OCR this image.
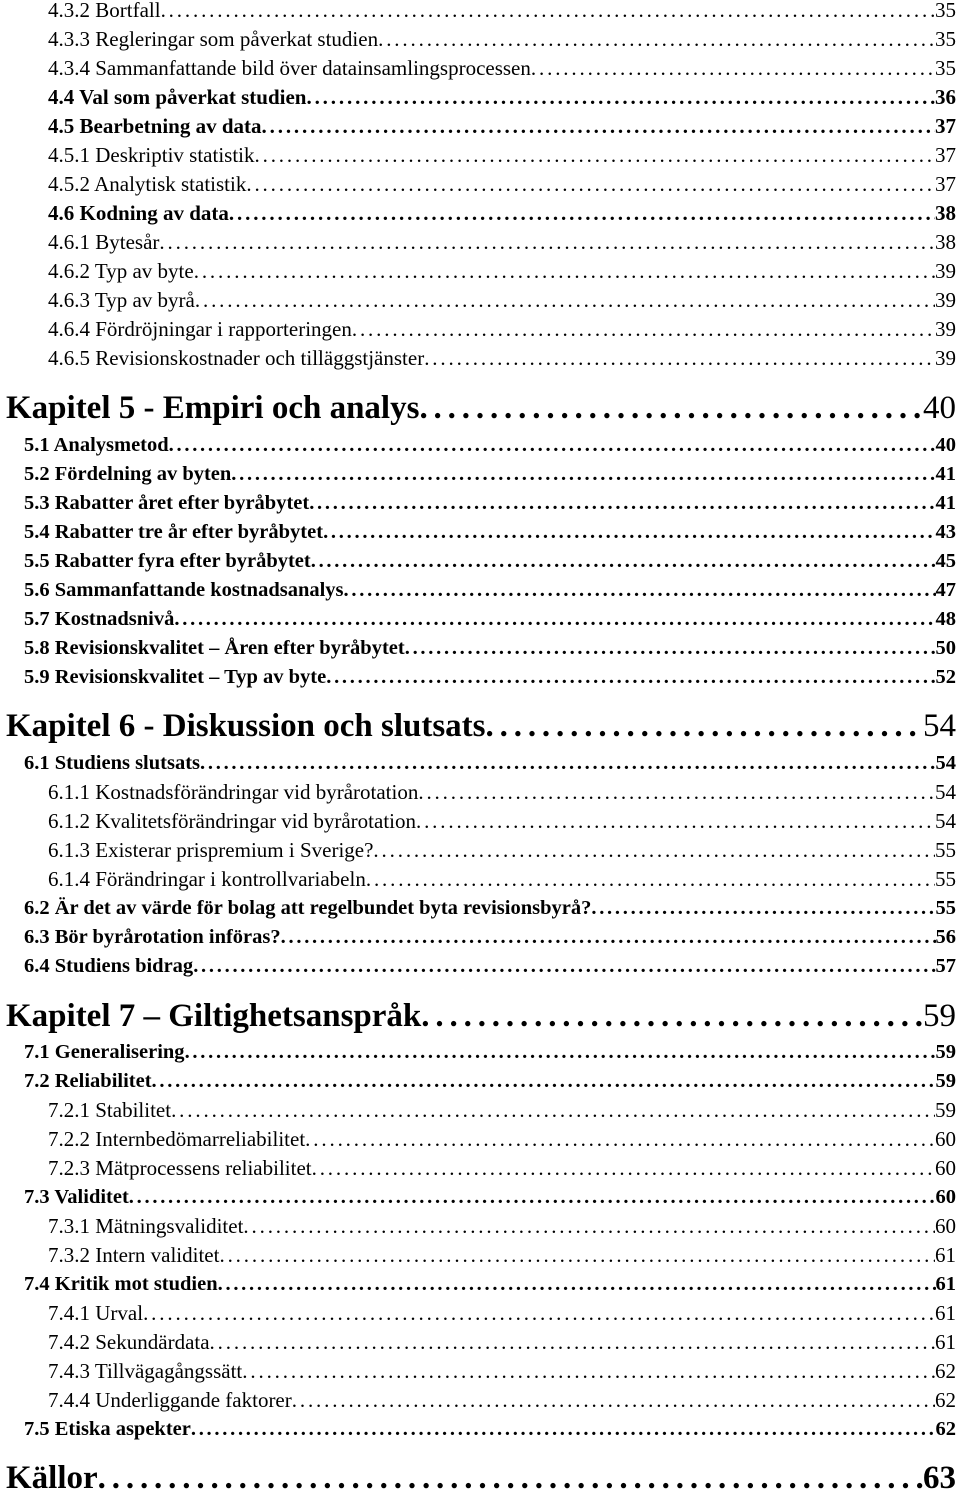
4.3.2 Bortfall . . .	35
4.3.3 Regleringar som påverkat studien . . .	35
4.3.4 Sammanfattande bild över datainsamlingsprocessen . . .	35
4.4 Val som påverkat studien . . .	36
4.5 Bearbetning av data . . .	37
4.5.1 Deskriptiv statistik . . .	37
4.5.2 Analytisk statistik . . .	37
4.6 Kodning av data . . .	38
4.6.1 Bytesår . . .	38
4.6.2 Typ av byte . . .	39
4.6.3 Typ av byrå . . .	39
4.6.4 Fördröjningar i rapporteringen . . .	39
4.6.5 Revisionskostnader och tilläggstjänster . . .	39
Kapitel 5 - Empiri och analys . . .	40
5.1 Analysmetod . . .	40
5.2 Fördelning av byten . . .	41
5.3 Rabatter året efter byråbytet . . .	41
5.4 Rabatter tre år efter byråbytet . . .	43
5.5 Rabatter fyra efter byråbytet . . .	45
5.6 Sammanfattande kostnadsanalys . . .	47
5.7 Kostnadsnivå . . .	48
5.8 Revisionskvalitet – Åren efter byråbytet . . .	50
5.9 Revisionskvalitet – Typ av byte . . .	52
Kapitel 6 - Diskussion och slutsats . . .	54
6.1 Studiens slutsats . . .	54
6.1.1 Kostnadsförändringar vid byrårotation . . .	54
6.1.2 Kvalitetsförändringar vid byrårotation . . .	54
6.1.3 Existerar prispremium i Sverige? . . .	55
6.1.4 Förändringar i kontrollvariabeln . . .	55
6.2 Är det av värde för bolag att regelbundet byta revisionsbyrå? . . .	55
6.3 Bör byrårotation införas? . . .	56
6.4 Studiens bidrag . . .	57
Kapitel 7 – Giltighetsanspråk . . .	59
7.1 Generalisering . . .	59
7.2 Reliabilitet . . .	59
7.2.1 Stabilitet . . .	59
7.2.2 Internbedömarreliabilitet . . .	60
7.2.3 Mätprocessens reliabilitet . . .	60
7.3 Validitet . . .	60
7.3.1 Mätningsvaliditet . . .	60
7.3.2 Intern validitet . . .	61
7.4 Kritik mot studien . . .	61
7.4.1 Urval . . .	61
7.4.2 Sekundärdata . . .	61
7.4.3 Tillvägagångssätt . . .	62
7.4.4 Underliggande faktorer . . .	62
7.5 Etiska aspekter . . .	62
Källor . . .	63
